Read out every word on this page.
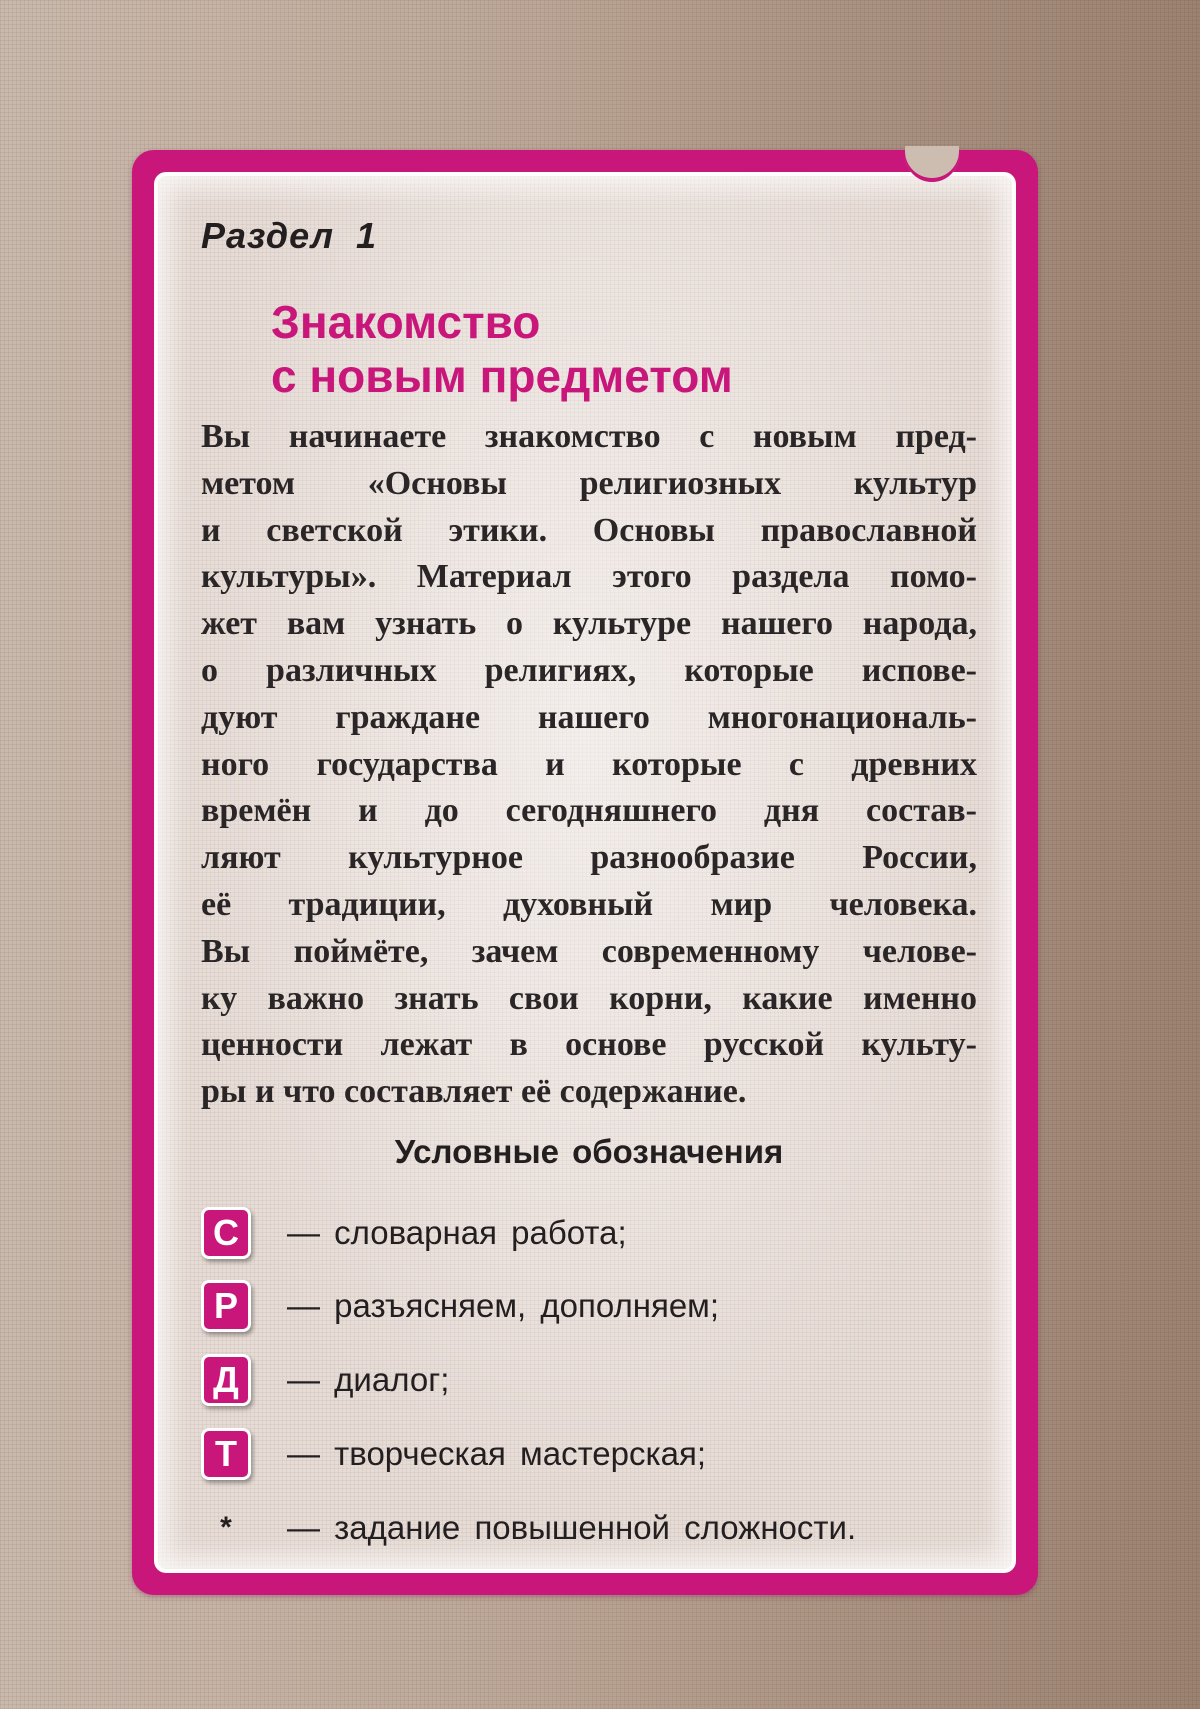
Раздел  1

Знакомство
с новым предметом
Вы начинаете знакомство с новым пред-
метом «Основы религиозных культур
и светской этики. Основы православной
культуры». Материал этого раздела помо-
жет вам узнать о культуре нашего народа,
о различных религиях, которые испове-
дуют граждане нашего многонациональ-
ного государства и которые с древних
времён и до сегодняшнего дня состав-
ляют культурное разнообразие России,
её традиции, духовный мир человека.
Вы поймёте, зачем современному челове-
ку важно знать свои корни, какие именно
ценности лежат в основе русской культу-
ры и что составляет её содержание.
Условные обозначения
С	— словарная работа;
Р	— разъясняем, дополняем;
Д	— диалог;
Т	— творческая мастерская;
*	— задание повышенной сложности.
